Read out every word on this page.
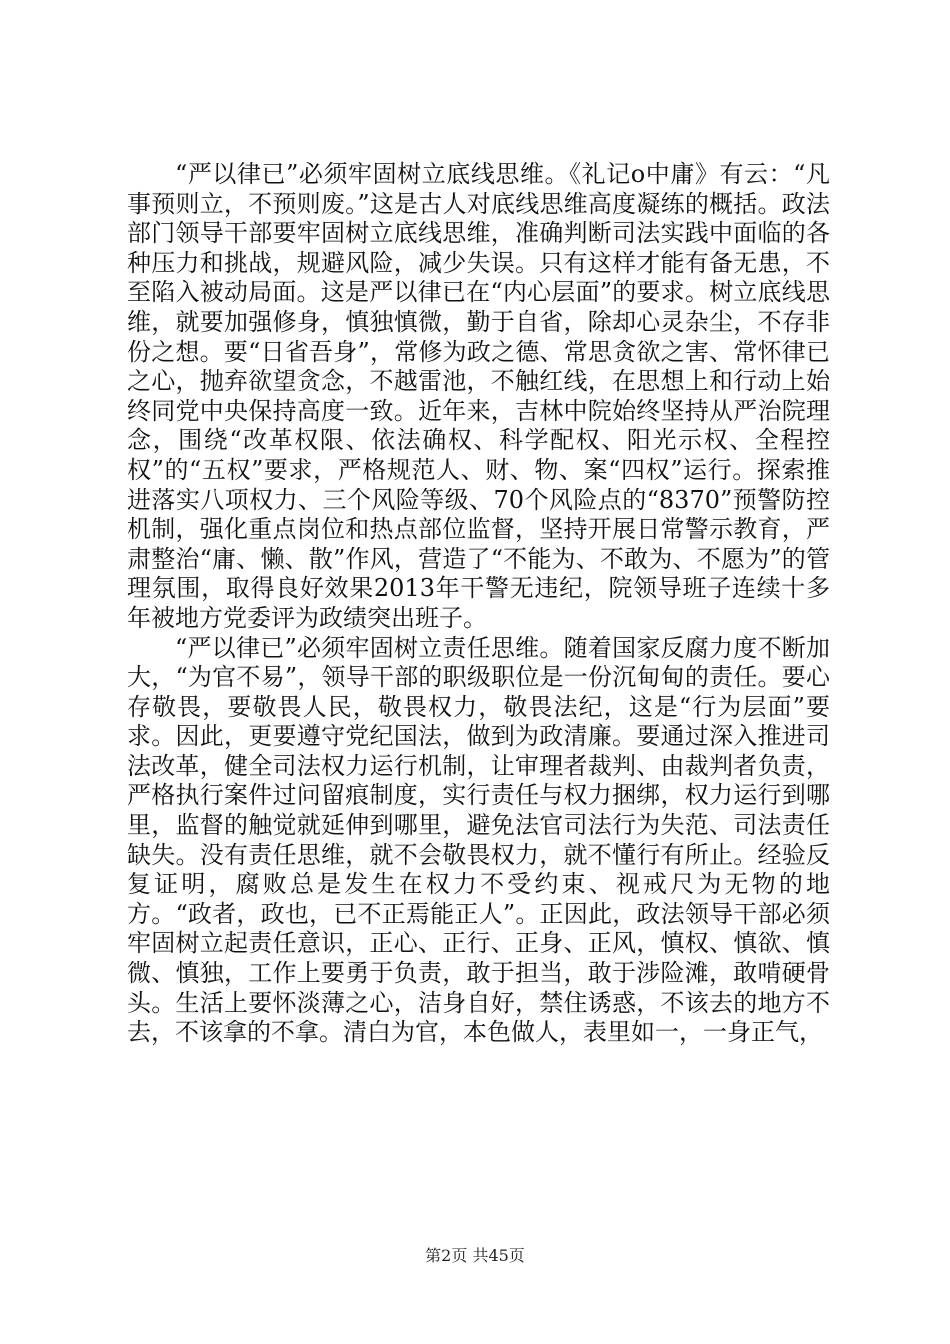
“严以律已”必须牢固树立底线思维。《礼记o中庸》有云：“凡事预则立，不预则废。”这是古人对底线思维高度凝练的概括。政法部门领导干部要牢固树立底线思维，准确判断司法实践中面临的各种压力和挑战，规避风险，减少失误。只有这样才能有备无患，不至陷入被动局面。这是严以律已在“内心层面”的要求。树立底线思维，就要加强修身，慎独慎微，勤于自省，除却心灵杂尘，不存非份之想。要“日省吾身”，常修为政之德、常思贪欲之害、常怀律已之心，抛弃欲望贪念，不越雷池，不触红线，在思想上和行动上始终同党中央保持高度一致。近年来，吉林中院始终坚持从严治院理念，围绕“改革权限、依法确权、科学配权、阳光示权、全程控权”的“五权”要求，严格规范人、财、物、案“四权”运行。探索推进落实八项权力、三个风险等级、70个风险点的“8370”预警防控机制，强化重点岗位和热点部位监督，坚持开展日常警示教育，严肃整治“庸、懒、散”作风，营造了“不能为、不敢为、不愿为”的管理氛围，取得良好效果2013年干警无违纪，院领导班子连续十多年被地方党委评为政绩突出班子。

“严以律已”必须牢固树立责任思维。随着国家反腐力度不断加大，“为官不易”，领导干部的职级职位是一份沉甸甸的责任。要心存敬畏，要敬畏人民，敬畏权力，敬畏法纪，这是“行为层面”要求。因此，更要遵守党纪国法，做到为政清廉。要通过深入推进司法改革，健全司法权力运行机制，让审理者裁判、由裁判者负责，严格执行案件过问留痕制度，实行责任与权力捆绑，权力运行到哪里，监督的触觉就延伸到哪里，避免法官司法行为失范、司法责任缺失。没有责任思维，就不会敬畏权力，就不懂行有所止。经验反复证明，腐败总是发生在权力不受约束、视戒尺为无物的地方。“政者，政也，已不正焉能正人”。正因此，政法领导干部必须牢固树立起责任意识，正心、正行、正身、正风，慎权、慎欲、慎微、慎独，工作上要勇于负责，敢于担当，敢于涉险滩，敢啃硬骨头。生活上要怀淡薄之心，洁身自好，禁住诱惑，不该去的地方不去，不该拿的不拿。清白为官，本色做人，表里如一，一身正气，

第2页 共45页
